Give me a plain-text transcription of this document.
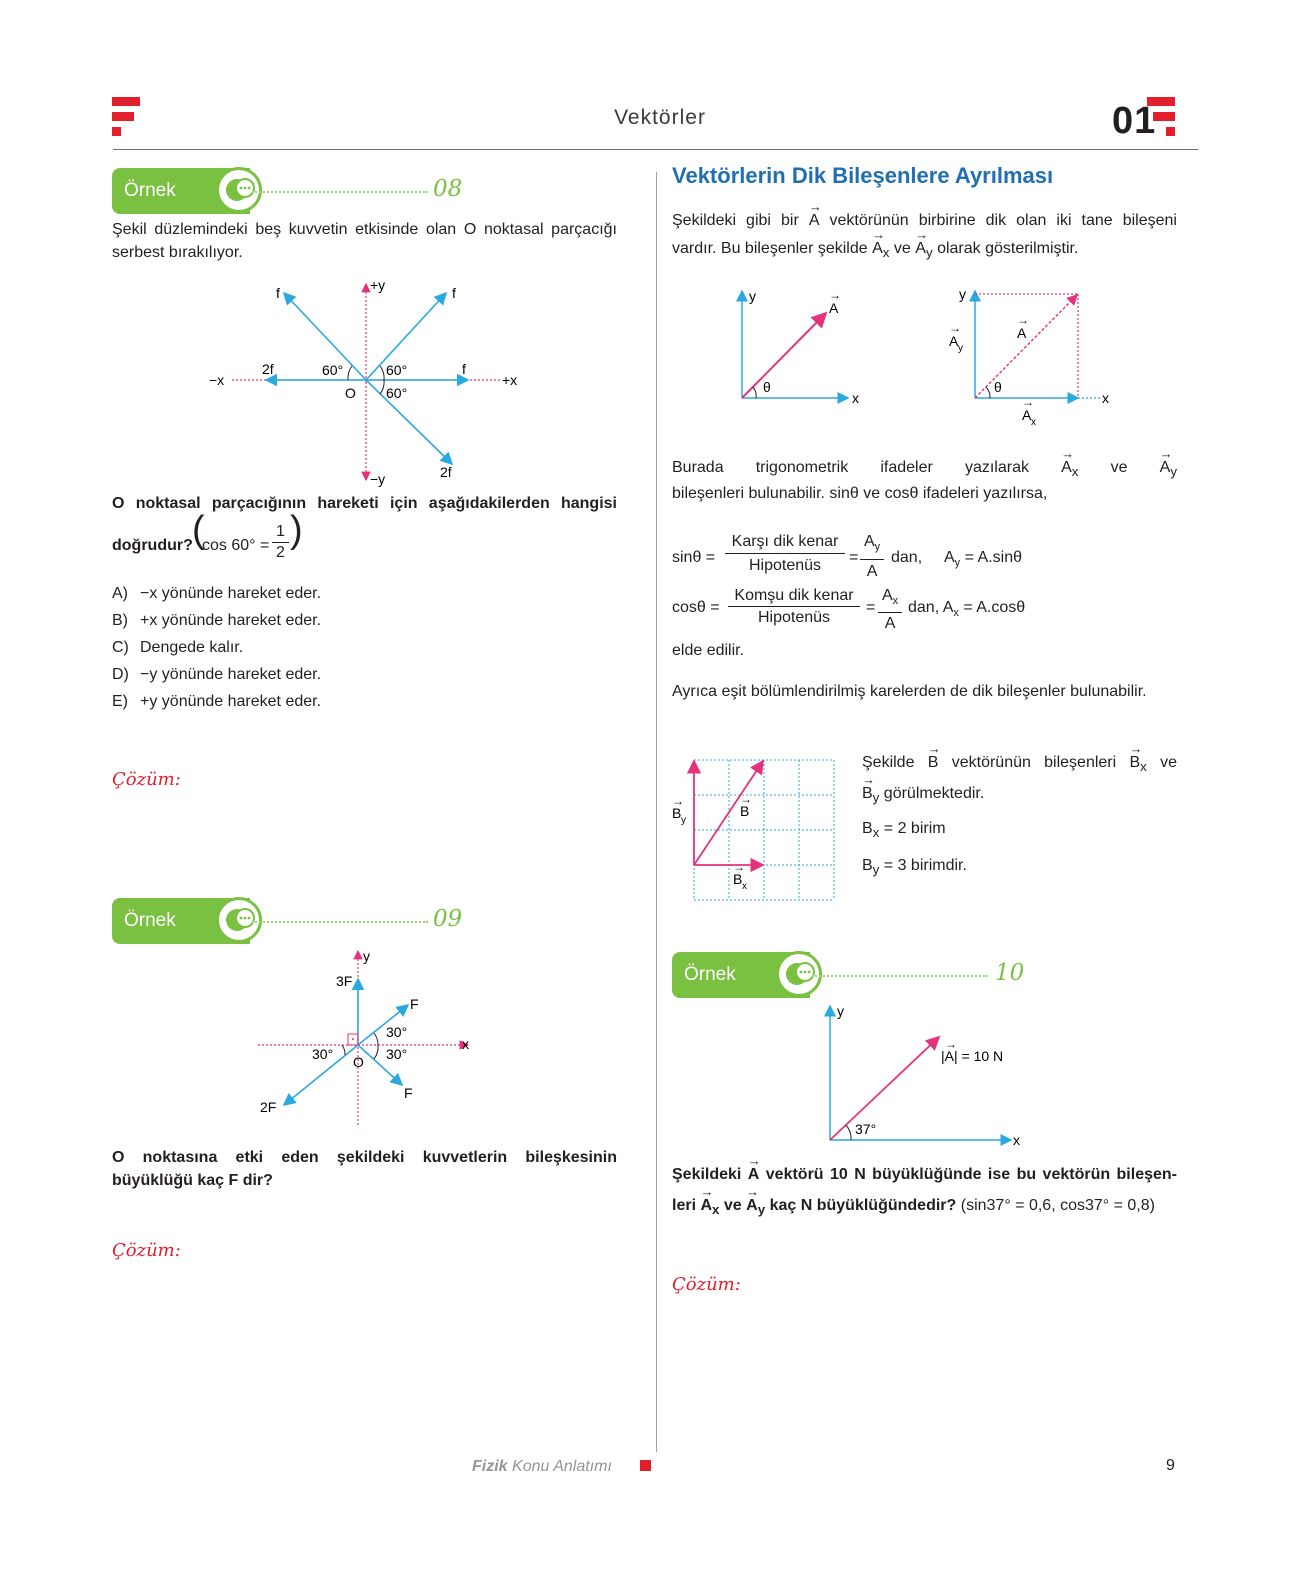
Vektörler	01
Örnek	08
Şekil düzlemindeki beş kuvvetin etkisinde olan O noktasal parçacığı serbest bırakılıyor.
+y
−y
−x	+x
f	f
2f	f
2f
60°	60°
60°
O
O noktasal parçacığının hareketi için aşağıdakilerden hangisi
doğrudur? (
$\cos 60^\circ = \frac{1}{2}$ )
A) −x yönünde hareket eder.
B) +x yönünde hareket eder.
C) Dengede kalır.
D) −y yönünde hareket eder.
E) +y yönünde hareket eder.
Çözüm:
Örnek	09
y
x
3F
F
F
2F
30°
30°
30° O
O noktasına etki eden şekildeki kuvvetlerin bileşkesinin büyüklüğü kaç F dir?
Çözüm:
Vektörlerin Dik Bileşenlere Ayrılması
Şekildeki gibi bir → A vektörünün birbirine dik olan iki tane bileşeni
vardır. Bu bileşenler şekilde → $A_x$ ve → $A_y$ olarak gösterilmiştir.
y
x
A
→
θ
y
x
A
→
A y
→
A x
→
θ
Burada trigonometrik ifadeler yazılarak → $A_x$ ve → $A_y$
bileşenleri bulunabilir. sinθ ve cosθ ifadeleri yazılırsa,
sinθ =
Karşı dik kenar
Hipotenüs	= $\frac{A_y}{A}$ dan, $A_y = A.\sin\theta$
cosθ =
Komşu dik kenar
Hipotenüs
= $\frac{A_x}{A}$ dan, $A_x = A.\cos\theta$
elde edilir.
Ayrıca eşit bölümlendirilmiş karelerden de dik bileşenler bulunabilir.
B
→
B y
→
B x
→
Şekilde → B vektörünün bileşenleri → $B_x$ ve
→ $B_y$ görülmektedir.
$B_x = 2$ birim
$B_y = 3$ birimdir.
Örnek	10
y
x
|A| = 10 N
→
37°
Şekildeki → A vektörü 10 N büyüklüğünde ise bu vektörün bileşen-
leri → $A_x$ ve → $A_y$ kaç N büyüklüğündedir? (sin37° = 0,6, cos37° = 0,8)
Çözüm:
Fizik Konu Anlatımı	9
